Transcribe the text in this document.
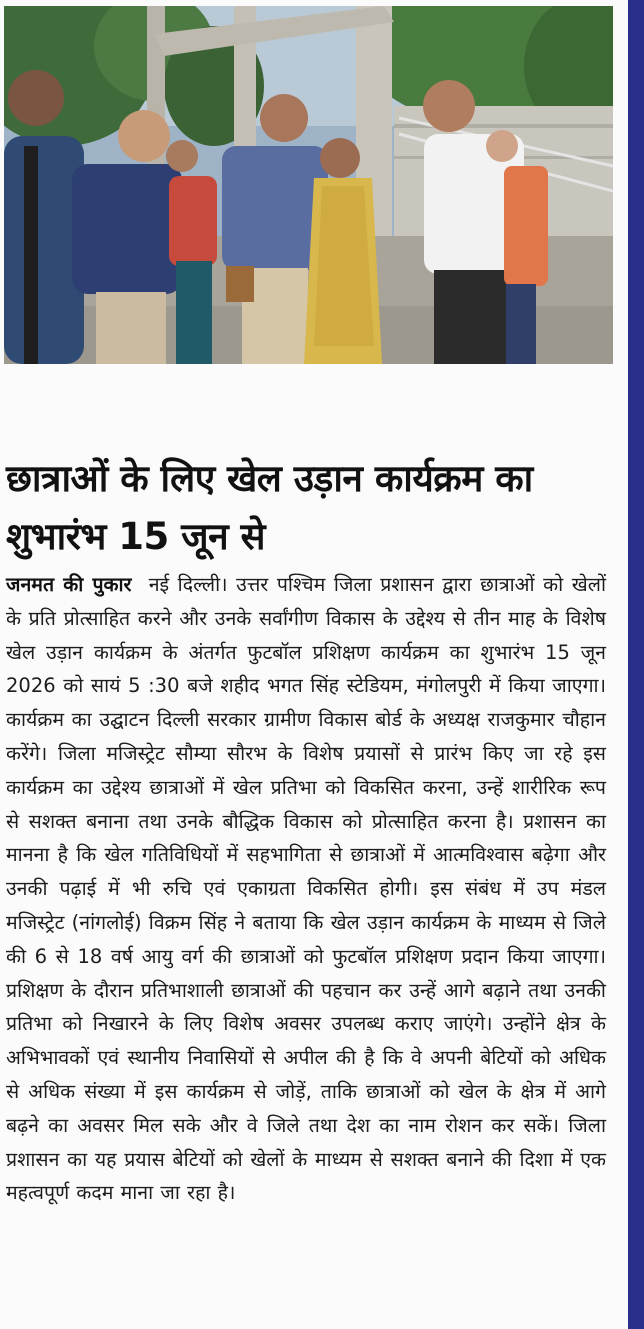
छात्राओं के लिए खेल उड़ान कार्यक्रम का शुभारंभ 15 जून से

जनमत की पुकार नई दिल्ली। उत्तर पश्चिम जिला प्रशासन द्वारा छात्राओं को खेलों के प्रति प्रोत्साहित करने और उनके सर्वांगीण विकास के उद्देश्य से तीन माह के विशेष खेल उड़ान कार्यक्रम के अंतर्गत फुटबॉल प्रशिक्षण कार्यक्रम का शुभारंभ 15 जून 2026 को सायं 5 :30 बजे शहीद भगत सिंह स्टेडियम, मंगोलपुरी में किया जाएगा। कार्यक्रम का उद्घाटन दिल्ली सरकार ग्रामीण विकास बोर्ड के अध्यक्ष राजकुमार चौहान करेंगे। जिला मजिस्ट्रेट सौम्या सौरभ के विशेष प्रयासों से प्रारंभ किए जा रहे इस कार्यक्रम का उद्देश्य छात्राओं में खेल प्रतिभा को विकसित करना, उन्हें शारीरिक रूप से सशक्त बनाना तथा उनके बौद्धिक विकास को प्रोत्साहित करना है। प्रशासन का मानना है कि खेल गतिविधियों में सहभागिता से छात्राओं में आत्मविश्वास बढ़ेगा और उनकी पढ़ाई में भी रुचि एवं एकाग्रता विकसित होगी। इस संबंध में उप मंडल मजिस्ट्रेट (नांगलोई) विक्रम सिंह ने बताया कि खेल उड़ान कार्यक्रम के माध्यम से जिले की 6 से 18 वर्ष आयु वर्ग की छात्राओं को फुटबॉल प्रशिक्षण प्रदान किया जाएगा। प्रशिक्षण के दौरान प्रतिभाशाली छात्राओं की पहचान कर उन्हें आगे बढ़ाने तथा उनकी प्रतिभा को निखारने के लिए विशेष अवसर उपलब्ध कराए जाएंगे। उन्होंने क्षेत्र के अभिभावकों एवं स्थानीय निवासियों से अपील की है कि वे अपनी बेटियों को अधिक से अधिक संख्या में इस कार्यक्रम से जोड़ें, ताकि छात्राओं को खेल के क्षेत्र में आगे बढ़ने का अवसर मिल सके और वे जिले तथा देश का नाम रोशन कर सकें। जिला प्रशासन का यह प्रयास बेटियों को खेलों के माध्यम से सशक्त बनाने की दिशा में एक महत्वपूर्ण कदम माना जा रहा है।
